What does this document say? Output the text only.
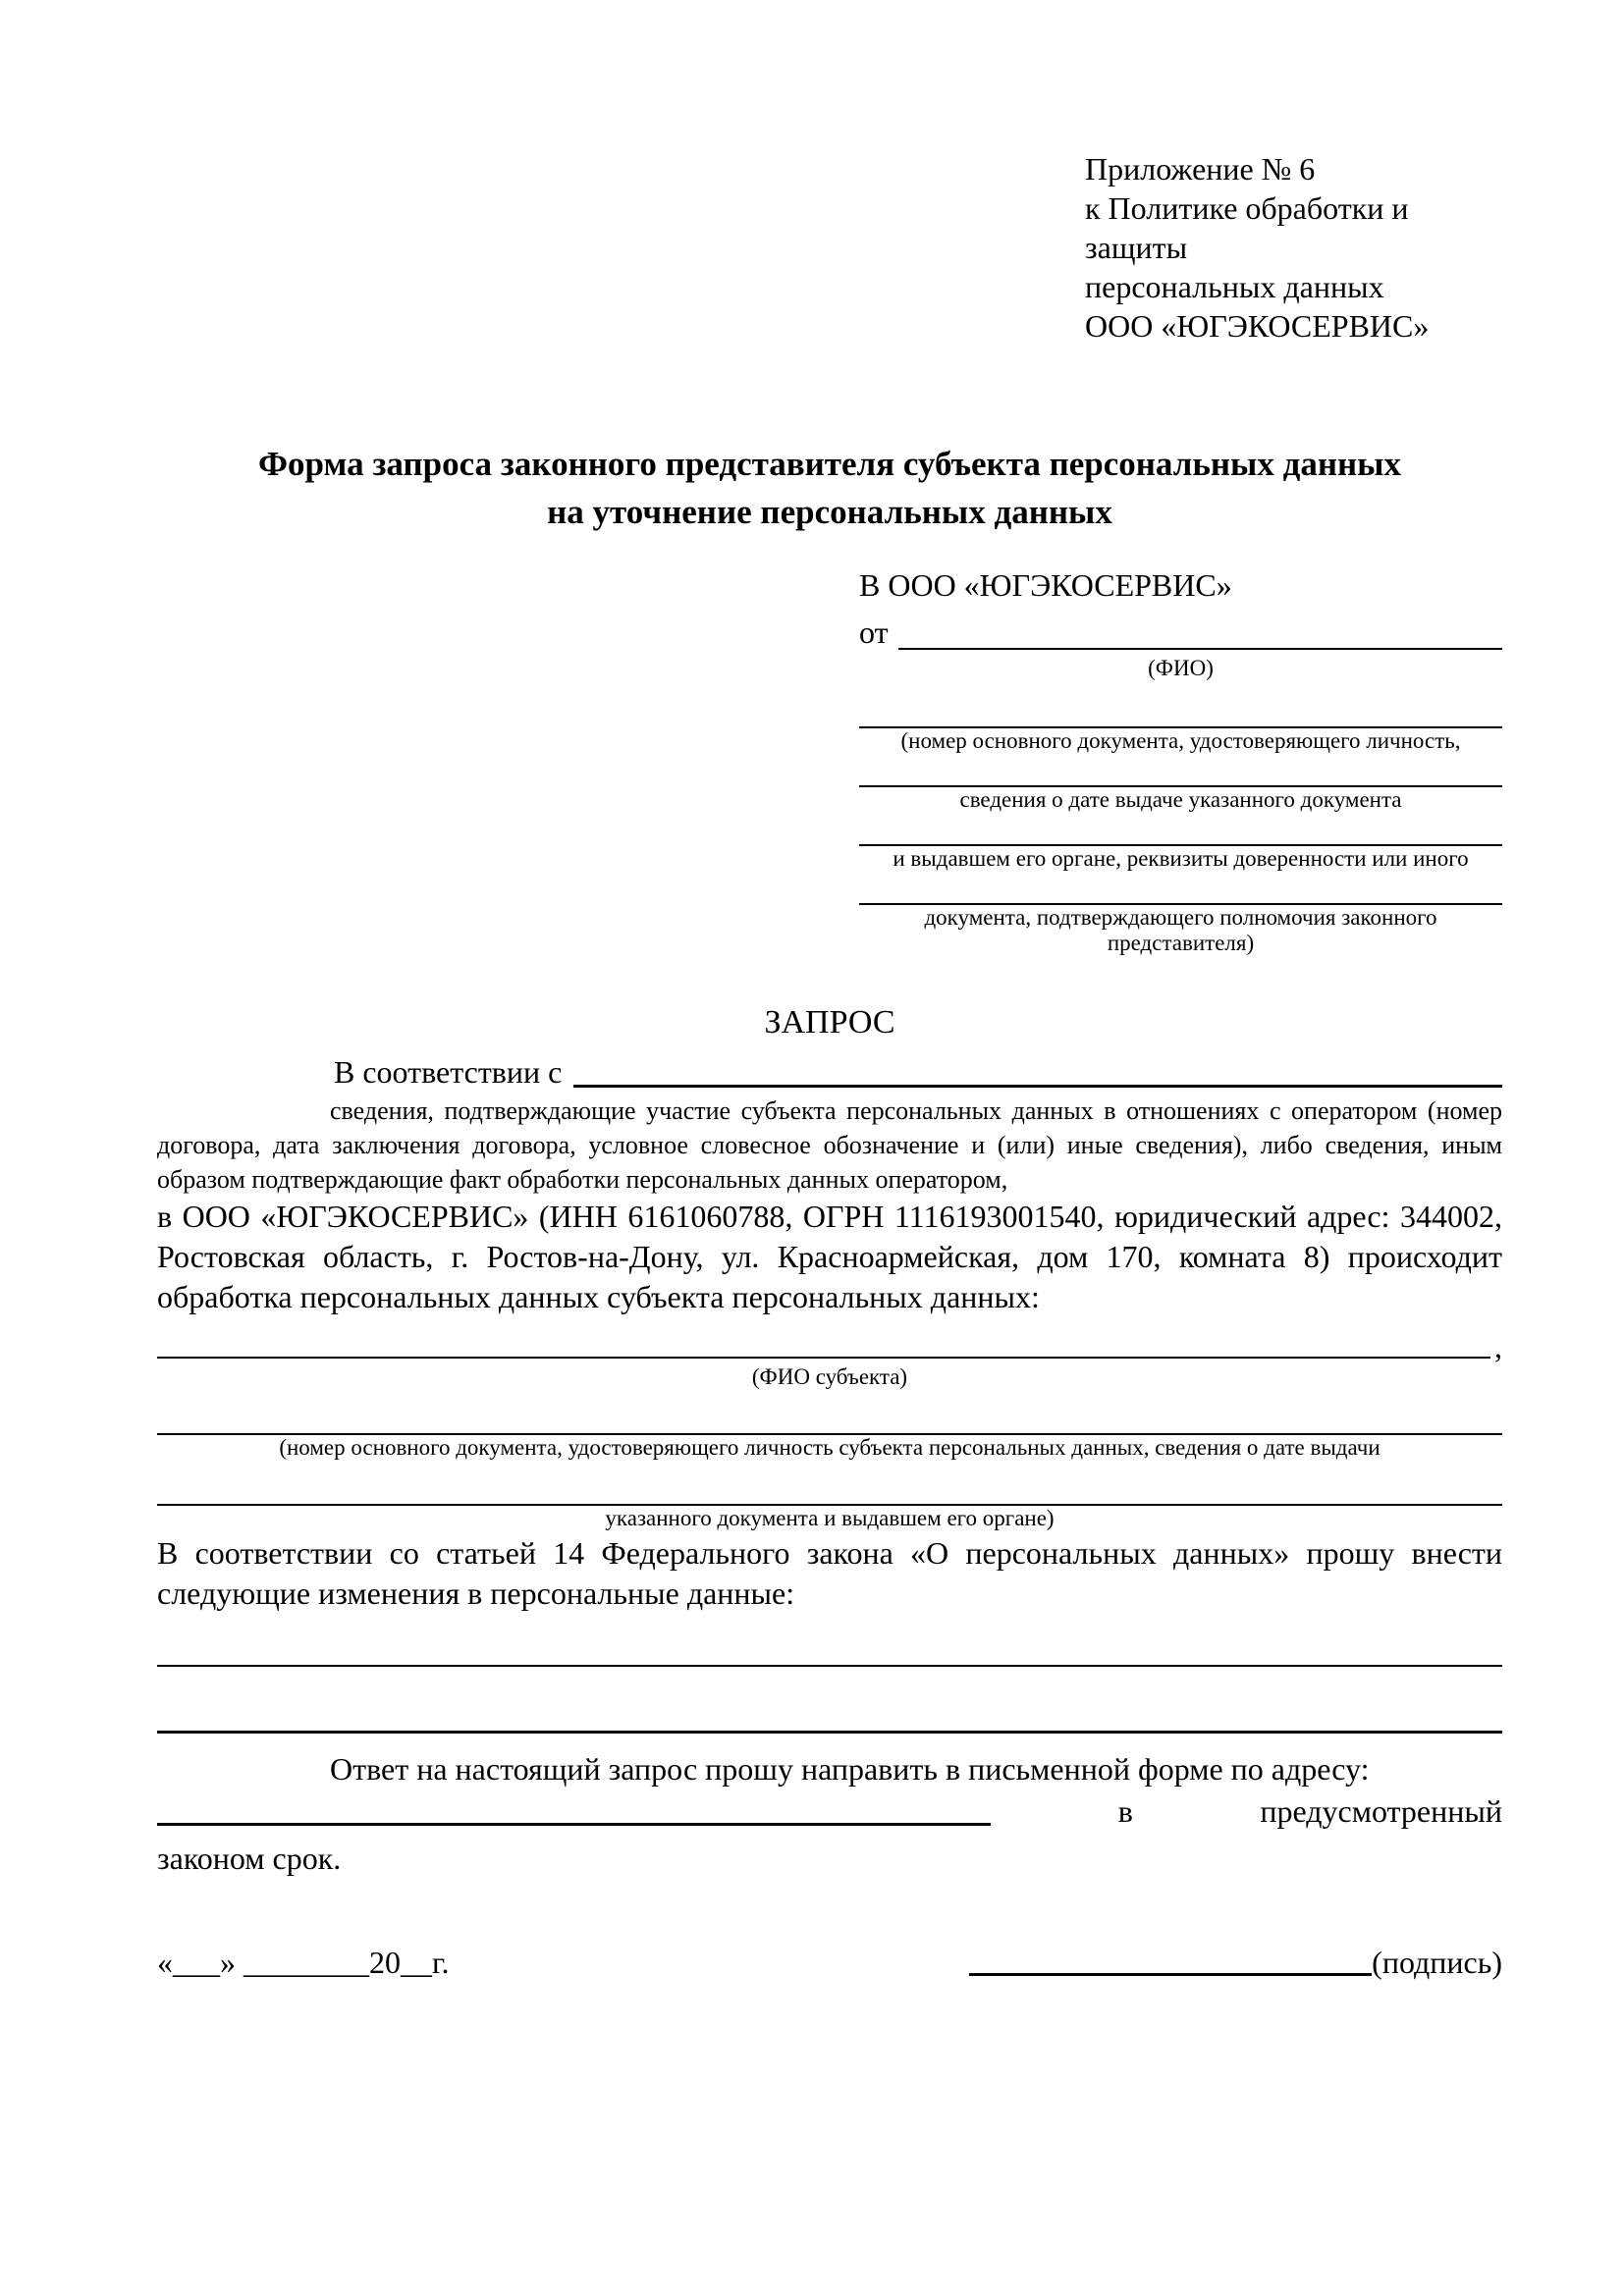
Приложение № 6
к Политике обработки и защиты
персональных данных
ООО «ЮГЭКОСЕРВИС»
Форма запроса законного представителя субъекта персональных данных
на уточнение персональных данных
В ООО «ЮГЭКОСЕРВИС»
от
(ФИО)
(номер основного документа, удостоверяющего личность,
сведения о дате выдаче указанного документа
и выдавшем его органе, реквизиты доверенности или иного
документа, подтверждающего полномочия законного представителя)
ЗАПРОС
В соответствии с
сведения, подтверждающие участие субъекта персональных данных в отношениях с оператором (номер договора, дата заключения договора, условное словесное обозначение и (или) иные сведения), либо сведения, иным образом подтверждающие факт обработки персональных данных оператором,
в ООО «ЮГЭКОСЕРВИС» (ИНН 6161060788, ОГРН 1116193001540, юридический адрес: 344002, Ростовская область, г. Ростов-на-Дону, ул. Красноармейская, дом 170, комната 8) происходит обработка персональных данных субъекта персональных данных:
,
(ФИО субъекта)
(номер основного документа, удостоверяющего личность субъекта персональных данных, сведения о дате выдачи
указанного документа и выдавшем его органе)
В соответствии со статьей 14 Федерального закона «О персональных данных» прошу внести следующие изменения в персональные данные:
Ответ на настоящий запрос прошу направить в письменной форме по адресу:
в	предусмотренный
законом срок.
«___» ________20__г.	(подпись)
